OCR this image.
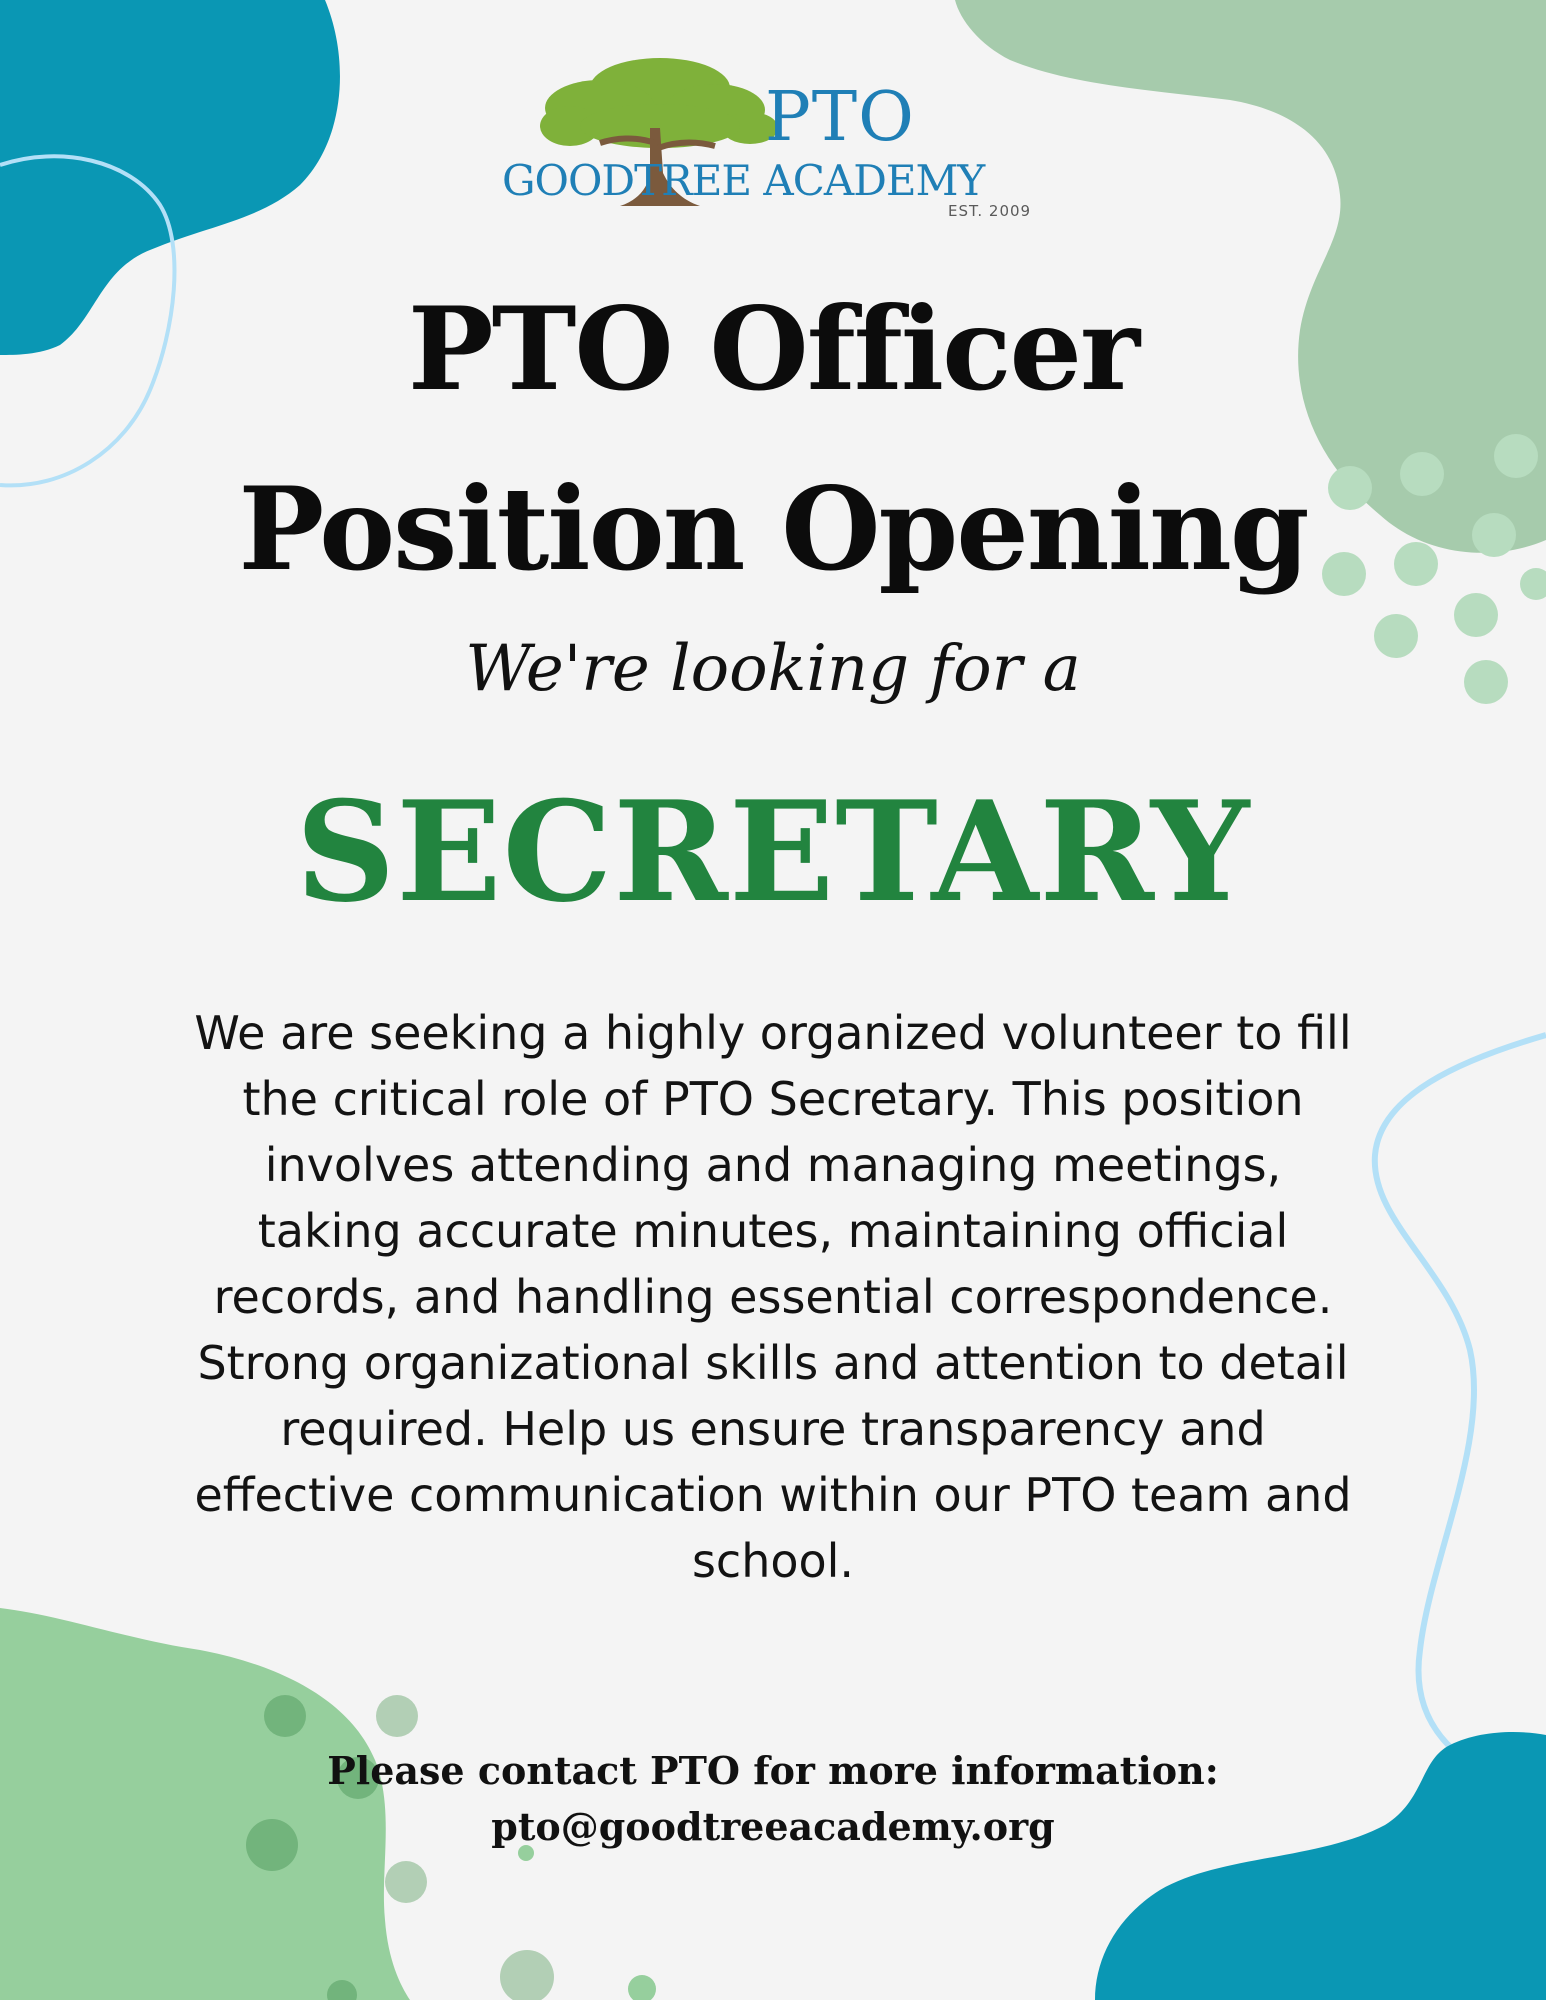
PTO
GOODTREE ACADEMY
EST. 2009
PTO Officer
Position Opening
We're looking for a
SECRETARY
We are seeking a highly organized volunteer to fill the critical role of PTO Secretary. This position involves attending and managing meetings, taking accurate minutes, maintaining official records, and handling essential correspondence. Strong organizational skills and attention to detail required. Help us ensure transparency and effective communication within our PTO team and school.
Please contact PTO for more information:
pto@goodtreeacademy.org
